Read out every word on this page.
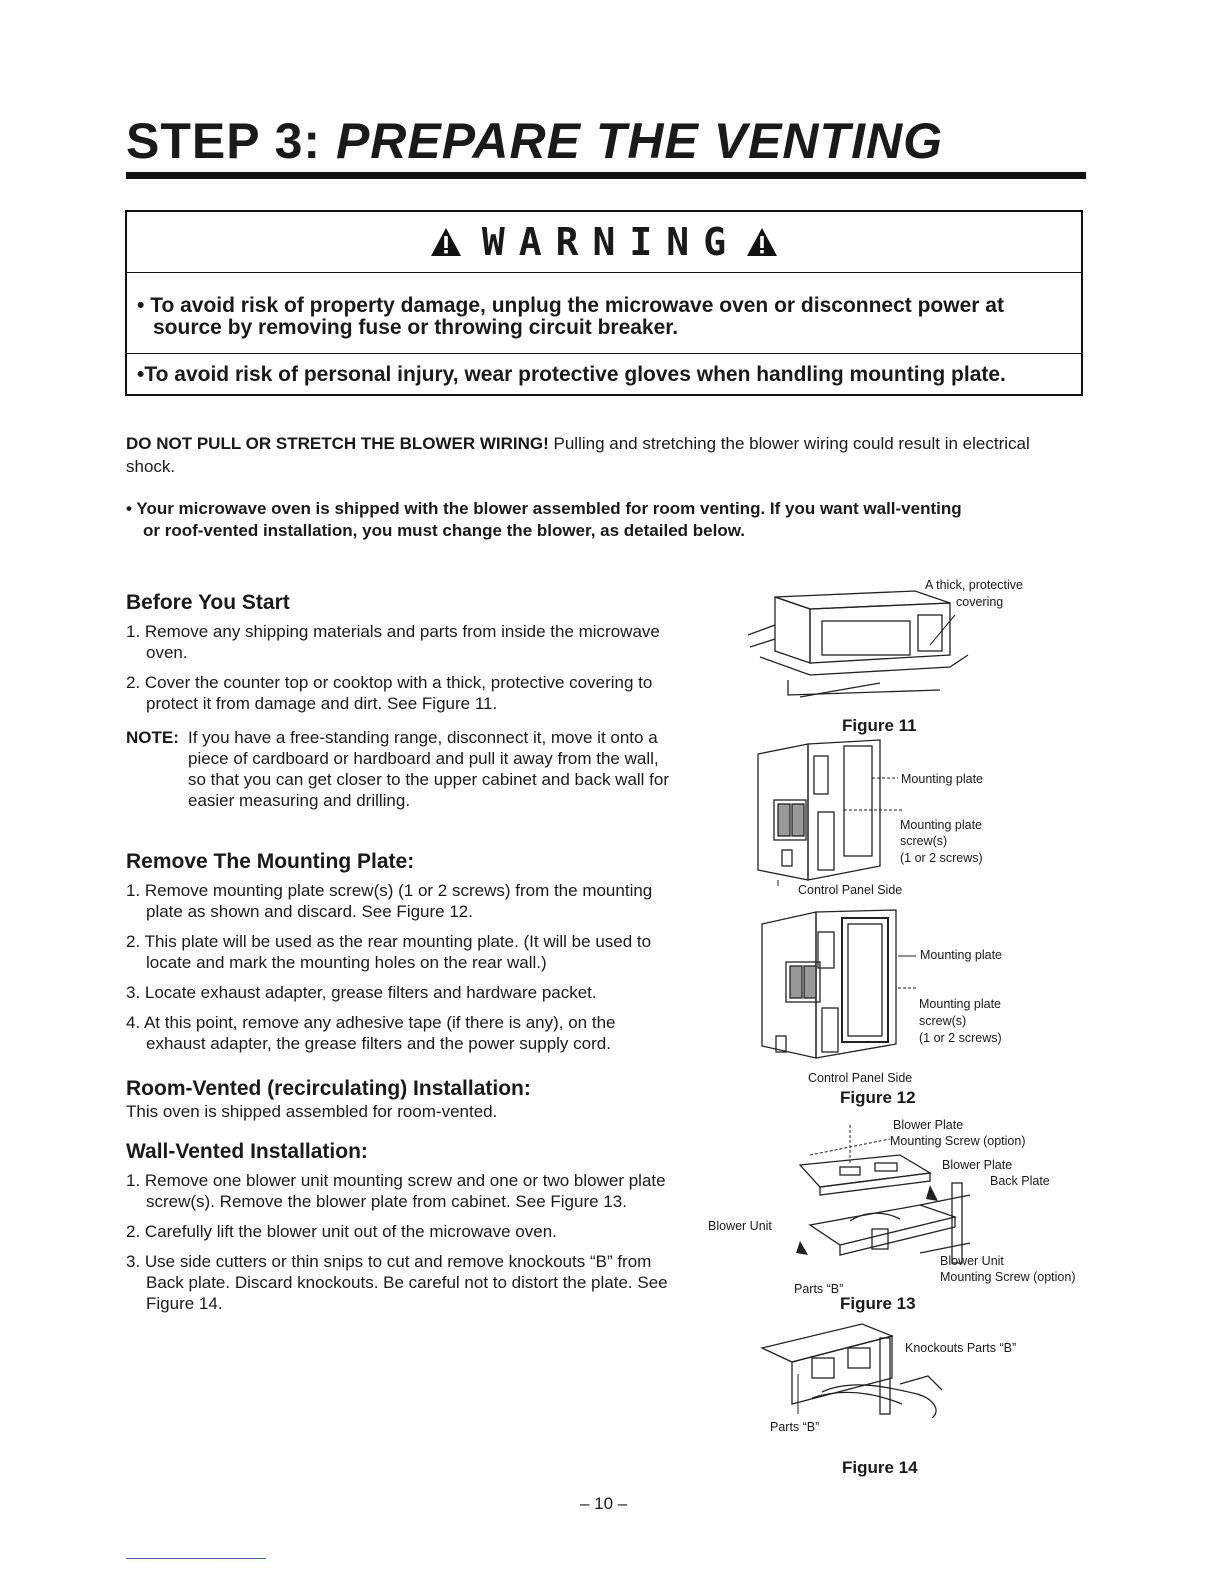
STEP 3: PREPARE THE VENTING
WARNING
• To avoid risk of property damage, unplug the microwave oven or disconnect power at
source by removing fuse or throwing circuit breaker.
•To avoid risk of personal injury, wear protective gloves when handling mounting plate.

DO NOT PULL OR STRETCH THE BLOWER WIRING! Pulling and stretching the blower wiring could result in electrical shock.

• Your microwave oven is shipped with the blower assembled for room venting. If you want wall-venting
or roof-vented installation, you must change the blower, as detailed below.

Before You Start
1. Remove any shipping materials and parts from inside the microwave oven.
2. Cover the counter top or cooktop with a thick, protective covering to protect it from damage and dirt. See Figure 11.
NOTE: If you have a free-standing range, disconnect it, move it onto a piece of cardboard or hardboard and pull it away from the wall, so that you can get closer to the upper cabinet and back wall for easier measuring and drilling.
Remove The Mounting Plate:
1. Remove mounting plate screw(s) (1 or 2 screws) from the mounting plate as shown and discard. See Figure 12.
2. This plate will be used as the rear mounting plate. (It will be used to locate and mark the mounting holes on the rear wall.)
3. Locate exhaust adapter, grease filters and hardware packet.
4. At this point, remove any adhesive tape (if there is any), on the exhaust adapter, the grease filters and the power supply cord.
Room-Vented (recirculating) Installation:

This oven is shipped assembled for room-vented.

Wall-Vented Installation:
1. Remove one blower unit mounting screw and one or two blower plate screw(s). Remove the blower plate from cabinet. See Figure 13.
2. Carefully lift the blower unit out of the microwave oven.
3. Use side cutters or thin snips to cut and remove knockouts “B” from Back plate. Discard knockouts. Be careful not to distort the plate. See Figure 14.

A thick, protective

covering

Figure 11

Mounting plate

Mounting plate

screw(s)

(1 or 2 screws)

Control Panel Side

Mounting plate

Mounting plate

screw(s)

(1 or 2 screws)

Control Panel Side

Figure 12

Blower Plate

Mounting Screw (option)

Blower Plate

Back Plate

Blower Unit

Blower Unit

Mounting Screw (option)

Parts “B”

Figure 13

Knockouts Parts “B”

Parts “B”

Figure 14

– 10 –
